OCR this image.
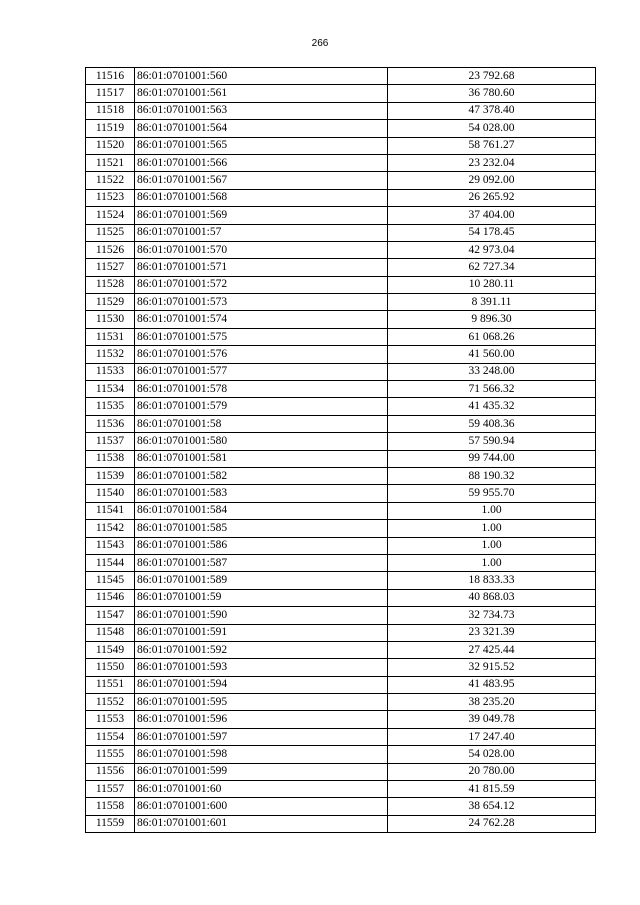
266
11516	86:01:0701001:560	23 792.68
11517	86:01:0701001:561	36 780.60
11518	86:01:0701001:563	47 378.40
11519	86:01:0701001:564	54 028.00
11520	86:01:0701001:565	58 761.27
11521	86:01:0701001:566	23 232.04
11522	86:01:0701001:567	29 092.00
11523	86:01:0701001:568	26 265.92
11524	86:01:0701001:569	37 404.00
11525	86:01:0701001:57	54 178.45
11526	86:01:0701001:570	42 973.04
11527	86:01:0701001:571	62 727.34
11528	86:01:0701001:572	10 280.11
11529	86:01:0701001:573	8 391.11
11530	86:01:0701001:574	9 896.30
11531	86:01:0701001:575	61 068.26
11532	86:01:0701001:576	41 560.00
11533	86:01:0701001:577	33 248.00
11534	86:01:0701001:578	71 566.32
11535	86:01:0701001:579	41 435.32
11536	86:01:0701001:58	59 408.36
11537	86:01:0701001:580	57 590.94
11538	86:01:0701001:581	99 744.00
11539	86:01:0701001:582	88 190.32
11540	86:01:0701001:583	59 955.70
11541	86:01:0701001:584	1.00
11542	86:01:0701001:585	1.00
11543	86:01:0701001:586	1.00
11544	86:01:0701001:587	1.00
11545	86:01:0701001:589	18 833.33
11546	86:01:0701001:59	40 868.03
11547	86:01:0701001:590	32 734.73
11548	86:01:0701001:591	23 321.39
11549	86:01:0701001:592	27 425.44
11550	86:01:0701001:593	32 915.52
11551	86:01:0701001:594	41 483.95
11552	86:01:0701001:595	38 235.20
11553	86:01:0701001:596	39 049.78
11554	86:01:0701001:597	17 247.40
11555	86:01:0701001:598	54 028.00
11556	86:01:0701001:599	20 780.00
11557	86:01:0701001:60	41 815.59
11558	86:01:0701001:600	38 654.12
11559	86:01:0701001:601	24 762.28
